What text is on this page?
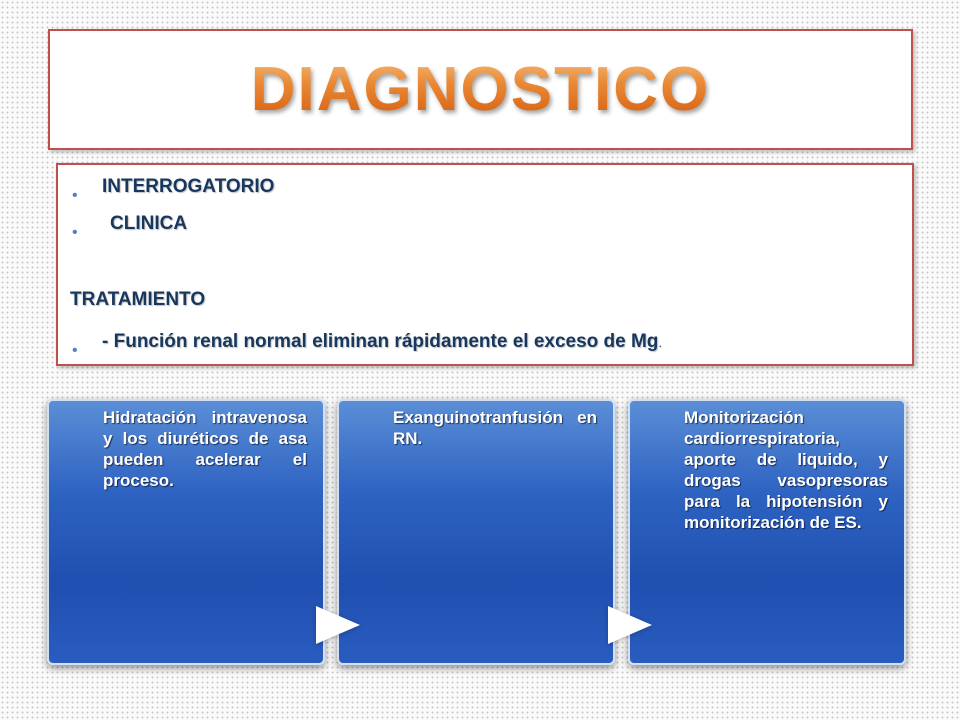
DIAGNOSTICO
• INTERROGATORIO
• CLINICA
TRATAMIENTO
• - Función renal normal eliminan rápidamente el exceso de Mg.
Hidratación intravenosa y los diuréticos de asa pueden acelerar el proceso.
Exanguinotranfusión en RN.
Monitorización cardiorrespiratoria, aporte de liquido, y drogas vasopresoras para la hipotensión y monitorización de ES.
